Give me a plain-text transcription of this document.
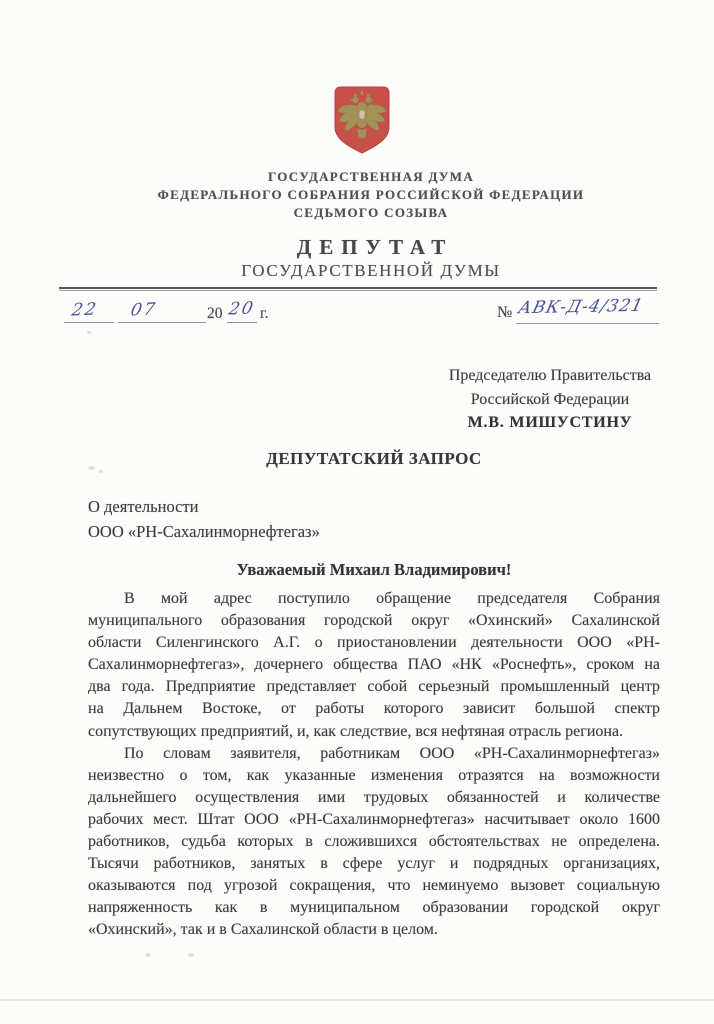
ГОСУДАРСТВЕННАЯ ДУМА
ФЕДЕРАЛЬНОГО СОБРАНИЯ РОССИЙСКОЙ ФЕДЕРАЦИИ
СЕДЬМОГО СОЗЫВА
ДЕПУТАТ
ГОСУДАРСТВЕННОЙ ДУМЫ
22 07	20 20 г.	№ АВК-Д-4/321
Председателю Правительства
Российской Федерации
М.В. МИШУСТИНУ
ДЕПУТАТСКИЙ ЗАПРОС
О деятельности
ООО «РН-Сахалинморнефтегаз»
Уважаемый Михаил Владимирович!
В мой адрес поступило обращение председателя Собрания
муниципального образования городской округ «Охинский» Сахалинской
области Силенгинского А.Г. о приостановлении деятельности ООО «РН-
Сахалинморнефтегаз», дочернего общества ПАО «НК «Роснефть», сроком на
два года. Предприятие представляет собой серьезный промышленный центр
на Дальнем Востоке, от работы которого зависит большой спектр
сопутствующих предприятий, и, как следствие, вся нефтяная отрасль региона.
По словам заявителя, работникам ООО «РН-Сахалинморнефтегаз»
неизвестно о том, как указанные изменения отразятся на возможности
дальнейшего осуществления ими трудовых обязанностей и количестве
рабочих мест. Штат ООО «РН-Сахалинморнефтегаз» насчитывает около 1600
работников, судьба которых в сложившихся обстоятельствах не определена.
Тысячи работников, занятых в сфере услуг и подрядных организациях,
оказываются под угрозой сокращения, что неминуемо вызовет социальную
напряженность как в муниципальном образовании городской округ
«Охинский», так и в Сахалинской области в целом.
